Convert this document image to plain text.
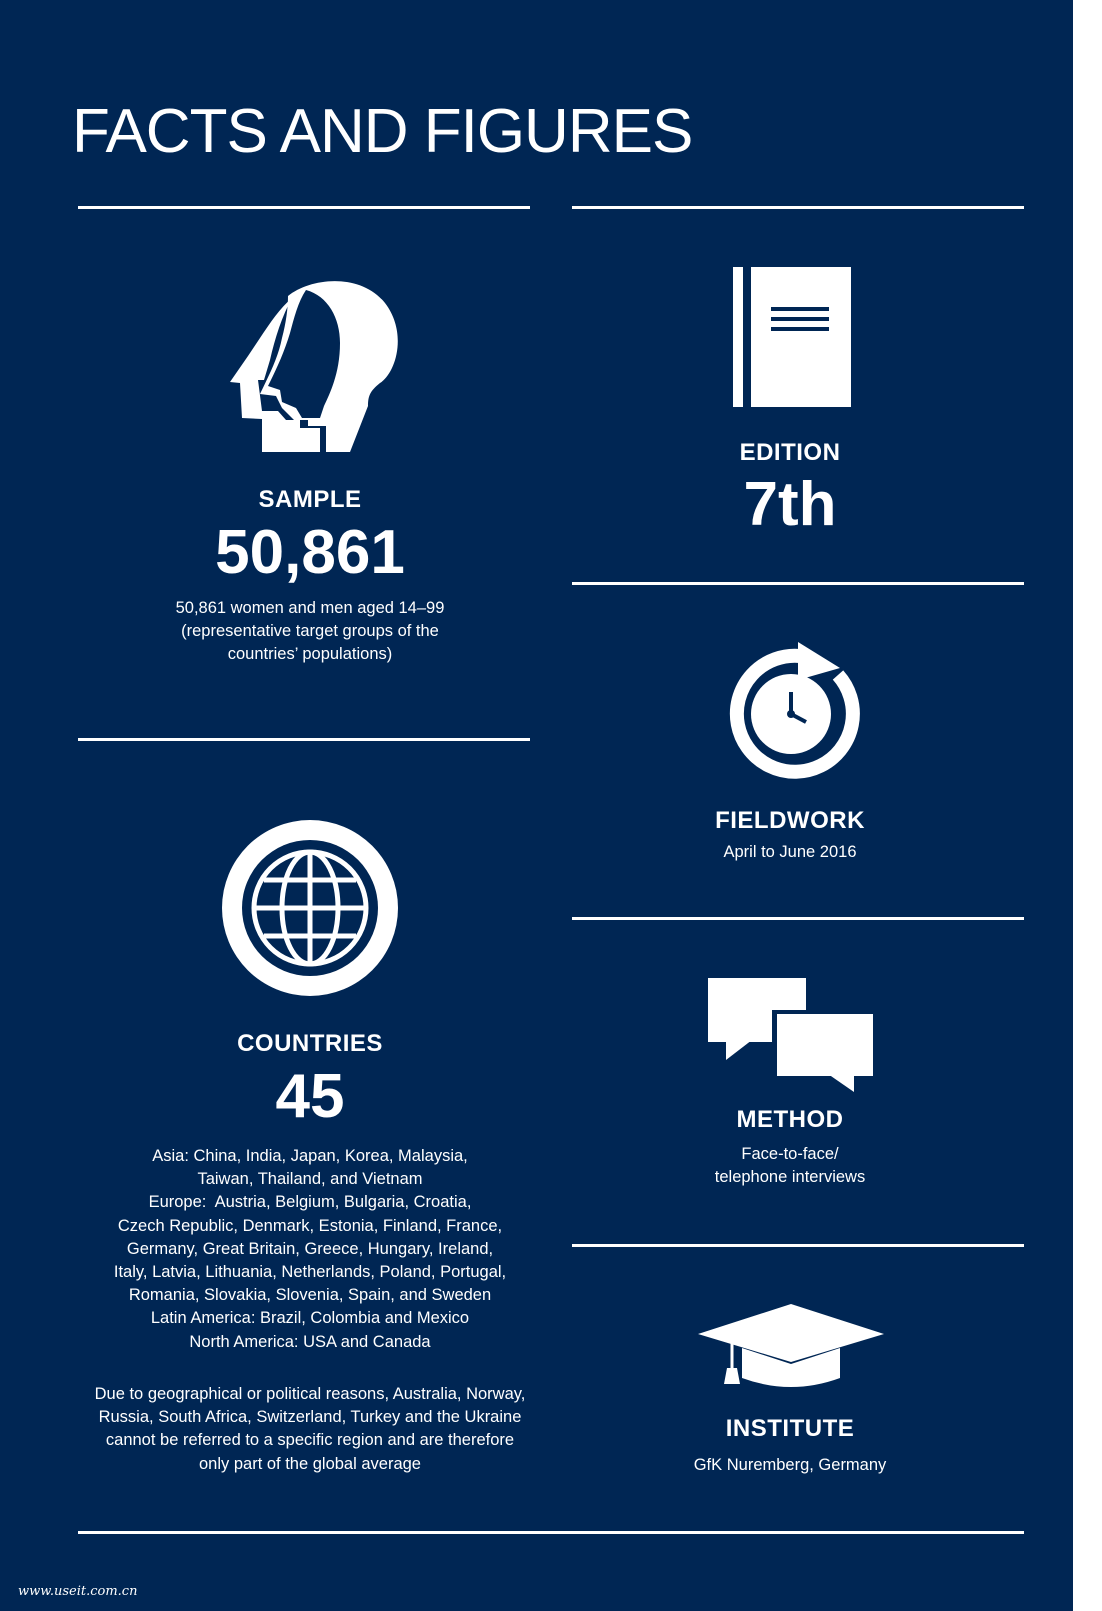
FACTS AND FIGURES
SAMPLE
50,861
50,861 women and men aged 14–99
(representative target groups of the
countries’ populations)
EDITION
7th
FIELDWORK
April to June 2016
COUNTRIES
45
Asia: China, India, Japan, Korea, Malaysia,
Taiwan, Thailand, and Vietnam
Europe:  Austria, Belgium, Bulgaria, Croatia,
Czech Republic, Denmark, Estonia, Finland, France,
Germany, Great Britain, Greece, Hungary, Ireland,
Italy, Latvia, Lithuania, Netherlands, Poland, Portugal,
Romania, Slovakia, Slovenia, Spain, and Sweden
Latin America: Brazil, Colombia and Mexico
North America: USA and Canada
Due to geographical or political reasons, Australia, Norway,
Russia, South Africa, Switzerland, Turkey and the Ukraine
cannot be referred to a specific region and are therefore
only part of the global average
METHOD
Face-to-face/
telephone interviews
INSTITUTE
GfK Nuremberg, Germany
www.useit.com.cn
